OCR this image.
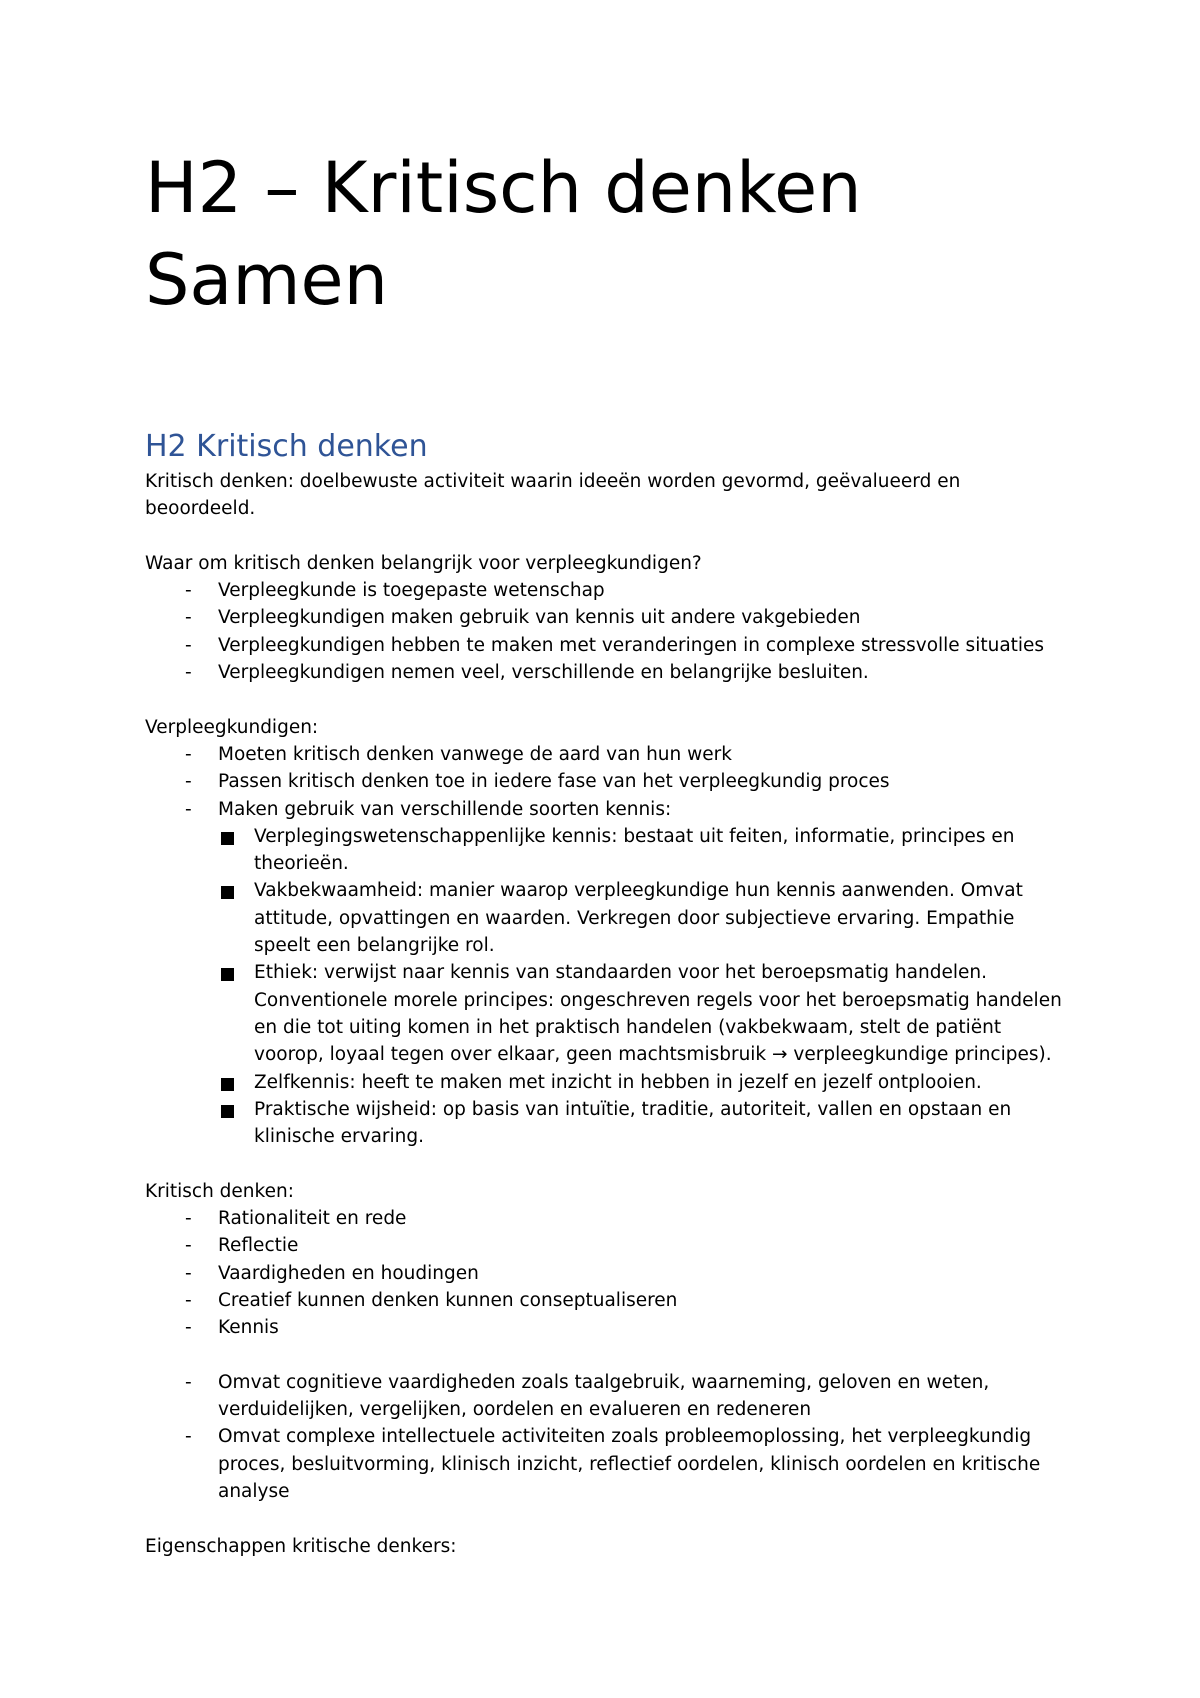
H2 – Kritisch denken
Samen
H2 Kritisch denken

Kritisch denken: doelbewuste activiteit waarin ideeën worden gevormd, geëvalueerd en beoordeeld.

Waar om kritisch denken belangrijk voor verpleegkundigen?

- Verpleegkunde is toegepaste wetenschap
- Verpleegkundigen maken gebruik van kennis uit andere vakgebieden
- Verpleegkundigen hebben te maken met veranderingen in complexe stressvolle situaties
- Verpleegkundigen nemen veel, verschillende en belangrijke besluiten.

Verpleegkundigen:

- Moeten kritisch denken vanwege de aard van hun werk
- Passen kritisch denken toe in iedere fase van het verpleegkundig proces
- Maken gebruik van verschillende soorten kennis:
Verplegingswetenschappenlijke kennis: bestaat uit feiten, informatie, principes en theorieën.
Vakbekwaamheid: manier waarop verpleegkundige hun kennis aanwenden. Omvat attitude, opvattingen en waarden. Verkregen door subjectieve ervaring. Empathie speelt een belangrijke rol.
Ethiek: verwijst naar kennis van standaarden voor het beroepsmatig handelen. Conventionele morele principes: ongeschreven regels voor het beroepsmatig handelen en die tot uiting komen in het praktisch handelen (vakbekwaam, stelt de patiënt voorop, loyaal tegen over elkaar, geen machtsmisbruik → verpleegkundige principes).
Zelfkennis: heeft te maken met inzicht in hebben in jezelf en jezelf ontplooien.
Praktische wijsheid: op basis van intuïtie, traditie, autoriteit, vallen en opstaan en klinische ervaring.

Kritisch denken:

- Rationaliteit en rede
- Reflectie
- Vaardigheden en houdingen
- Creatief kunnen denken kunnen conseptualiseren
- Kennis
- Omvat cognitieve vaardigheden zoals taalgebruik, waarneming, geloven en weten, verduidelijken, vergelijken, oordelen en evalueren en redeneren
- Omvat complexe intellectuele activiteiten zoals probleemoplossing, het verpleegkundig proces, besluitvorming, klinisch inzicht, reflectief oordelen, klinisch oordelen en kritische analyse

Eigenschappen kritische denkers:
